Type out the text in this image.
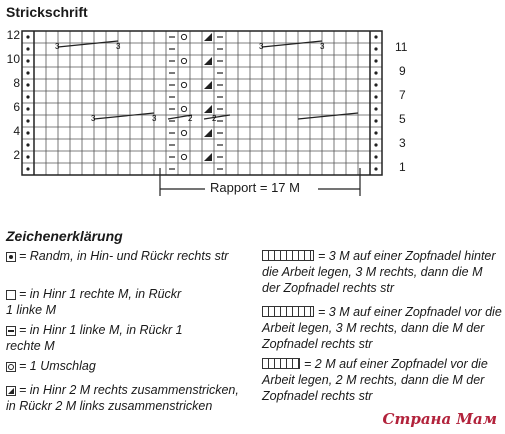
Strickschrift
12
10
8
6
4
2
11
9
7
5
3
1
3	3	3	3
3	3	2 2
Rapport = 17 M
Zeichenerklärung
= Randm, in Hin- und Rückr rechts str
= in Hinr 1 rechte M, in Rückr 1 linke M
= in Hinr 1 linke M, in Rückr 1 rechte M
= 1 Umschlag
= in Hinr 2 M rechts zusammenstricken, in Rückr 2 M links zusammenstricken
= 3 M auf einer Zopfnadel hinter die Arbeit legen, 3 M rechts, dann die M der Zopfnadel rechts str
= 3 M auf einer Zopfnadel vor die Arbeit legen, 3 M rechts, dann die M der Zopfnadel rechts str
= 2 M auf einer Zopfnadel vor die Arbeit legen, 2 M rechts, dann die M der Zopfnadel rechts str
Страна Мам
